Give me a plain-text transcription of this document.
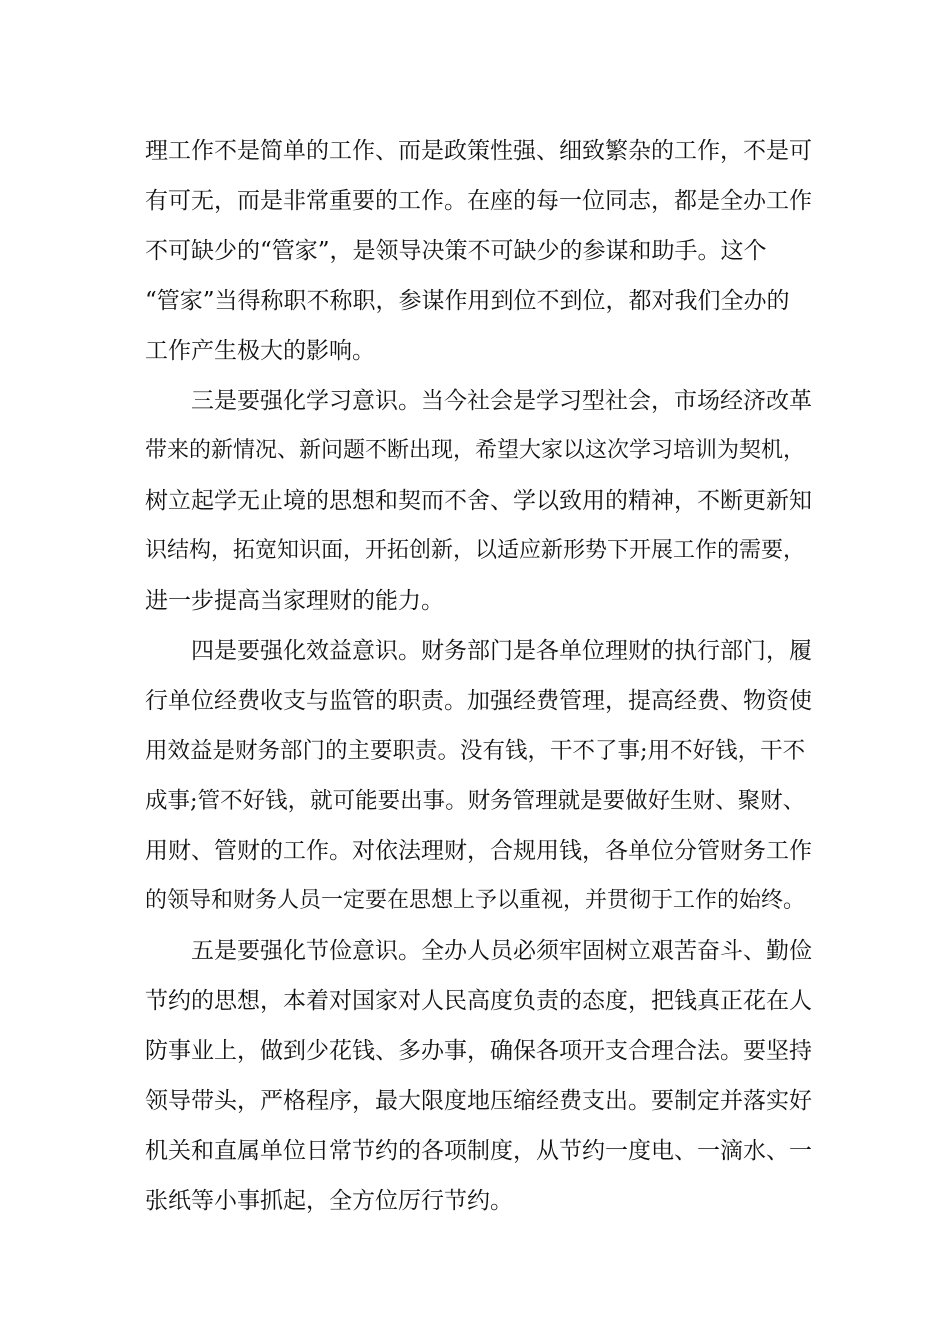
理工作不是简单的工作、而是政策性强、细致繁杂的工作，不是可
有可无，而是非常重要的工作。在座的每一位同志，都是全办工作
不可缺少的“管家”，是领导决策不可缺少的参谋和助手。这个
“管家”当得称职不称职，参谋作用到位不到位，都对我们全办的
工作产生极大的影响。
三是要强化学习意识。当今社会是学习型社会，市场经济改革
带来的新情况、新问题不断出现，希望大家以这次学习培训为契机，
树立起学无止境的思想和契而不舍、学以致用的精神，不断更新知
识结构，拓宽知识面，开拓创新，以适应新形势下开展工作的需要，
进一步提高当家理财的能力。
四是要强化效益意识。财务部门是各单位理财的执行部门，履
行单位经费收支与监管的职责。加强经费管理，提高经费、物资使
用效益是财务部门的主要职责。没有钱，干不了事;用不好钱，干不
成事;管不好钱，就可能要出事。财务管理就是要做好生财、聚财、
用财、管财的工作。对依法理财，合规用钱，各单位分管财务工作
的领导和财务人员一定要在思想上予以重视，并贯彻于工作的始终。
五是要强化节俭意识。全办人员必须牢固树立艰苦奋斗、勤俭
节约的思想，本着对国家对人民高度负责的态度，把钱真正花在人
防事业上，做到少花钱、多办事，确保各项开支合理合法。要坚持
领导带头，严格程序，最大限度地压缩经费支出。要制定并落实好
机关和直属单位日常节约的各项制度，从节约一度电、一滴水、一
张纸等小事抓起，全方位厉行节约。
